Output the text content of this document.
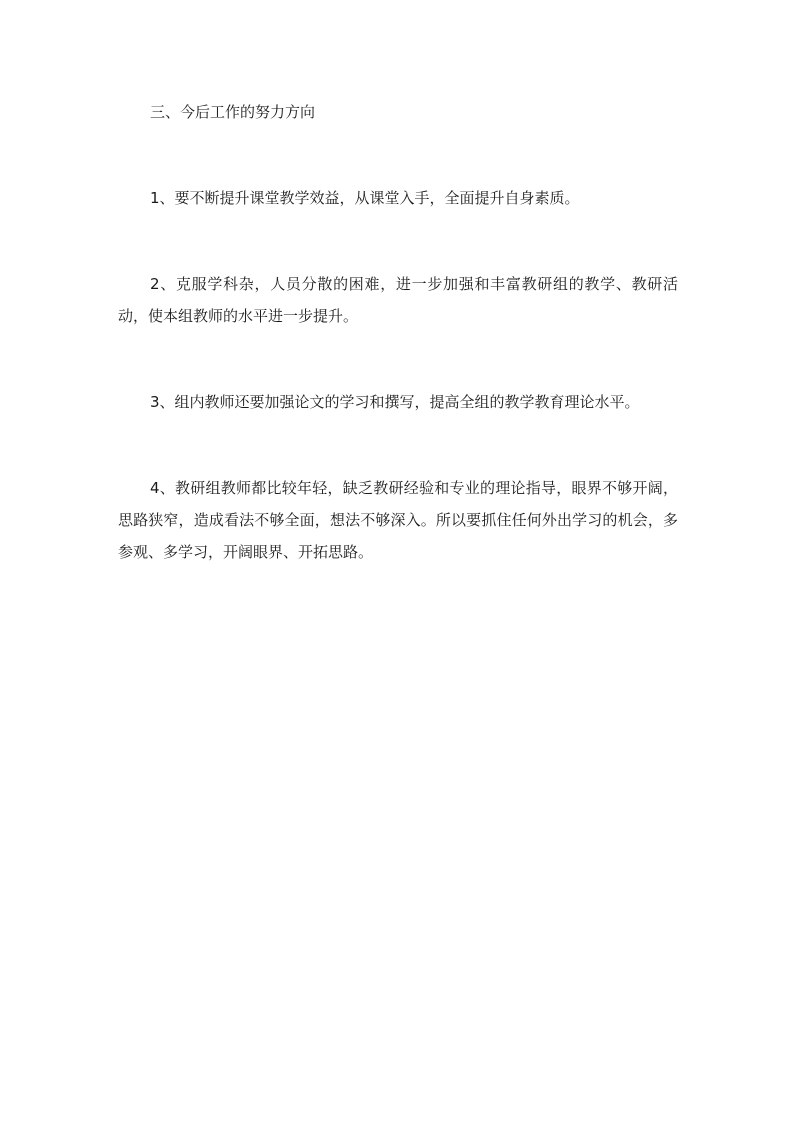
三、今后工作的努力方向

1、要不断提升课堂教学效益，从课堂入手，全面提升自身素质。

2、克服学科杂，人员分散的困难，进一步加强和丰富教研组的教学、教研活动，使本组教师的水平进一步提升。

3、组内教师还要加强论文的学习和撰写，提高全组的教学教育理论水平。

4、教研组教师都比较年轻，缺乏教研经验和专业的理论指导，眼界不够开阔，思路狭窄，造成看法不够全面，想法不够深入。所以要抓住任何外出学习的机会，多参观、多学习，开阔眼界、开拓思路。
